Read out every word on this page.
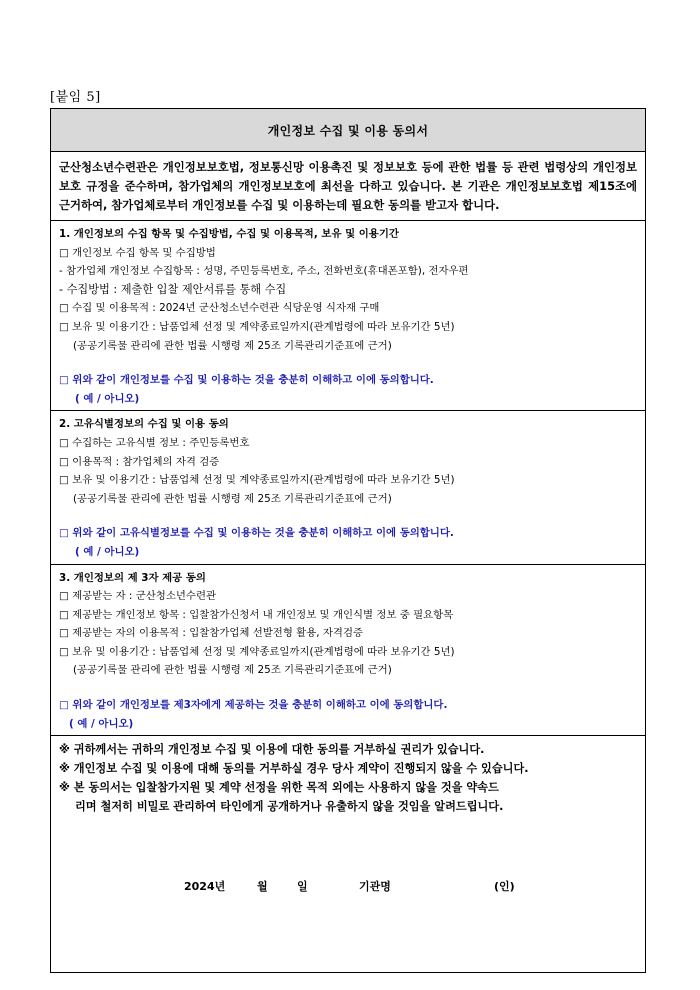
[붙임 5]
개인정보 수집 및 이용 동의서
군산청소년수련관은 개인정보보호법, 정보통신망 이용촉진 및 정보보호 등에 관한 법률 등 관련 법령상의 개인정보보호 규정을 준수하며, 참가업체의 개인정보보호에 최선을 다하고 있습니다. 본 기관은 개인정보보호법 제15조에 근거하여, 참가업체로부터 개인정보를 수집 및 이용하는데 필요한 동의를 받고자 합니다.
1. 개인정보의 수집 항목 및 수집방법, 수집 및 이용목적, 보유 및 이용기간
□ 개인정보 수집 항목 및 수집방법
- 참가업체 개인정보 수집항목 : 성명, 주민등록번호, 주소, 전화번호(휴대폰포함), 전자우편
- 수집방법 : 제출한 입찰 제안서류를 통해 수집
□ 수집 및 이용목적 : 2024년 군산청소년수련관 식당운영 식자재 구매
□ 보유 및 이용기간 : 납품업체 선정 및 계약종료일까지(관계법령에 따라 보유기간 5년)
(공공기록물 관리에 관한 법률 시행령 제 25조 기록관리기준표에 근거)
□ 위와 같이 개인정보를 수집 및 이용하는 것을 충분히 이해하고 이에 동의합니다.
( 예 / 아니오)
2. 고유식별정보의 수집 및 이용 동의
□ 수집하는 고유식별 정보 : 주민등록번호
□ 이용목적 : 참가업체의 자격 검증
□ 보유 및 이용기간 : 납품업체 선정 및 계약종료일까지(관계법령에 따라 보유기간 5년)
(공공기록물 관리에 관한 법률 시행령 제 25조 기록관리기준표에 근거)
□ 위와 같이 고유식별정보를 수집 및 이용하는 것을 충분히 이해하고 이에 동의합니다.
( 예 / 아니오)
3. 개인정보의 제 3자 제공 동의
□ 제공받는 자 : 군산청소년수련관
□ 제공받는 개인정보 항목 : 입찰참가신청서 내 개인정보 및 개인식별 정보 중 필요항목
□ 제공받는 자의 이용목적 : 입찰참가업체 선발전형 활용, 자격검증
□ 보유 및 이용기간 : 납품업체 선정 및 계약종료일까지(관계법령에 따라 보유기간 5년)
(공공기록물 관리에 관한 법률 시행령 제 25조 기록관리기준표에 근거)
□ 위와 같이 개인정보를 제3자에게 제공하는 것을 충분히 이해하고 이에 동의합니다.
( 예 / 아니오)
※ 귀하께서는 귀하의 개인정보 수집 및 이용에 대한 동의를 거부하실 권리가 있습니다.
※ 개인정보 수집 및 이용에 대해 동의를 거부하실 경우 당사 계약이 진행되지 않을 수 있습니다.
※ 본 동의서는 입찰참가지원 및 계약 선정을 위한 목적 외에는 사용하지 않을 것을 약속드
리며 철저히 비밀로 관리하여 타인에게 공개하거나 유출하지 않을 것임을 알려드립니다.
2024년	월	일	기관명	(인)
